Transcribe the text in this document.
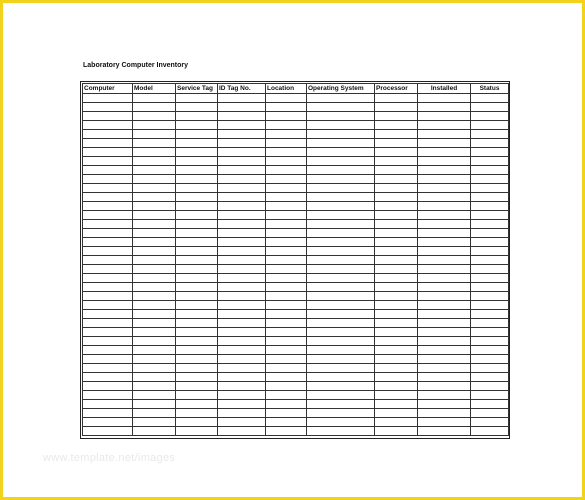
Laboratory Computer Inventory
Computer	Model	Service Tag	ID Tag No.	Location	Operating System	Processor	Installed	Status

www.template.net/images
